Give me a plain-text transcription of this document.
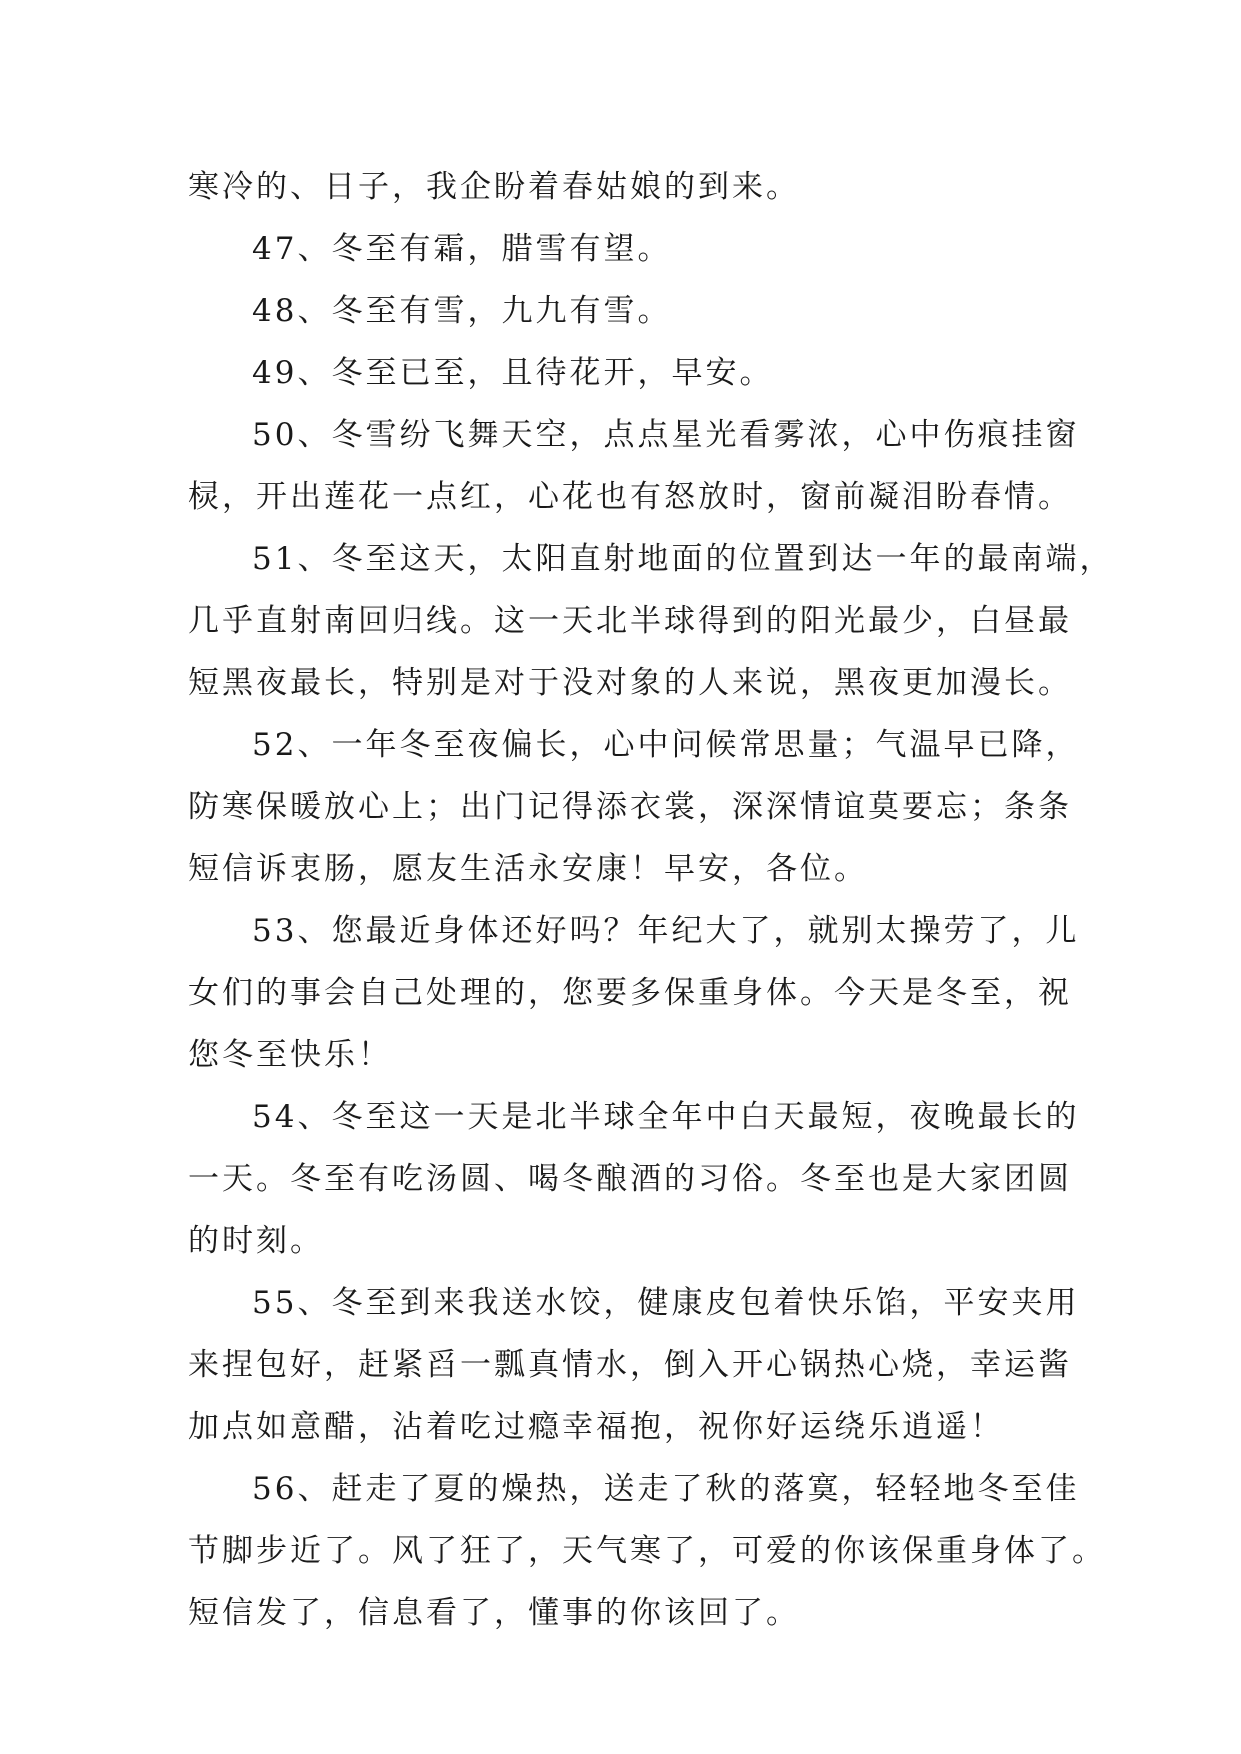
寒冷的、日子，我企盼着春姑娘的到来。
47、冬至有霜，腊雪有望。
48、冬至有雪，九九有雪。
49、冬至已至，且待花开，早安。
50、冬雪纷飞舞天空，点点星光看雾浓，心中伤痕挂窗
棂，开出莲花一点红，心花也有怒放时，窗前凝泪盼春情。
51、冬至这天，太阳直射地面的位置到达一年的最南端，
几乎直射南回归线。这一天北半球得到的阳光最少，白昼最
短黑夜最长，特别是对于没对象的人来说，黑夜更加漫长。
52、一年冬至夜偏长，心中问候常思量；气温早已降，
防寒保暖放心上；出门记得添衣裳，深深情谊莫要忘；条条
短信诉衷肠，愿友生活永安康！早安，各位。
53、您最近身体还好吗？年纪大了，就别太操劳了，儿
女们的事会自己处理的，您要多保重身体。今天是冬至，祝
您冬至快乐！
54、冬至这一天是北半球全年中白天最短，夜晚最长的
一天。冬至有吃汤圆、喝冬酿酒的习俗。冬至也是大家团圆
的时刻。
55、冬至到来我送水饺，健康皮包着快乐馅，平安夹用
来捏包好，赶紧舀一瓢真情水，倒入开心锅热心烧，幸运酱
加点如意醋，沾着吃过瘾幸福抱，祝你好运绕乐逍遥！
56、赶走了夏的燥热，送走了秋的落寞，轻轻地冬至佳
节脚步近了。风了狂了，天气寒了，可爱的你该保重身体了。
短信发了，信息看了，懂事的你该回了。
